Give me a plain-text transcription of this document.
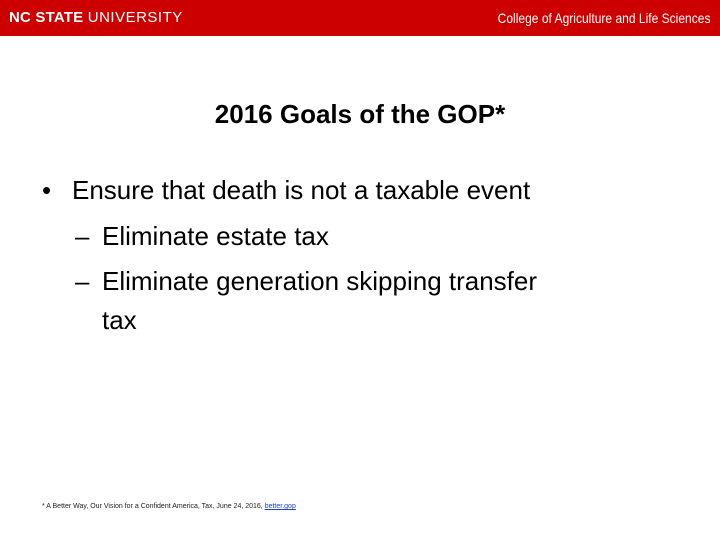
NC STATE UNIVERSITY	College of Agriculture and Life Sciences
2016 Goals of the GOP*
• Ensure that death is not a taxable event
– Eliminate estate tax
– Eliminate generation skipping transfer
tax
* A Better Way, Our Vision for a Confident America, Tax, June 24, 2016, better.gop
